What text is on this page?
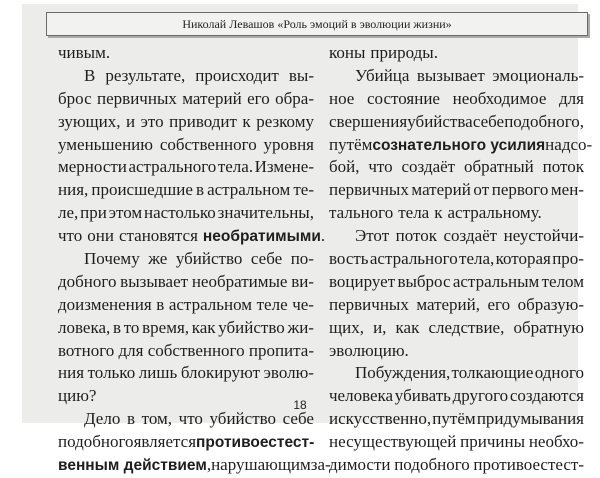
Николай Левашов «Роль эмоций в эволюции жизни»
чивым.
В результате, происходит вы-
брос первичных материй его обра-
зующих, и это приводит к резкому
уменьшению собственного уровня
мерности астрального тела. Измене-
ния, происшедшие в астральном те-
ле, при этом настолько значительны,
что они становятся необратимыми.
Почему же убийство себе по-
добного вызывает необратимые ви-
доизменения в астральном теле че-
ловека, в то время, как убийство жи-
вотного для собственного пропита-
ния только лишь блокируют эволю-
цию?
Дело в том, что убийство себе
подобного является противоестест-
венным действием, нарушающим за-
коны природы.
Убийца вызывает эмоциональ-
ное состояние необходимое для
свершения убийства себе подобного,
путём сознательного усилия над со-
бой, что создаёт обратный поток
первичных материй от первого мен-
тального тела к астральному.
Этот поток создаёт неустойчи-
вость астрального тела, которая про-
воцирует выброс астральным телом
первичных материй, его образую-
щих, и, как следствие, обратную
эволюцию.
Побуждения, толкающие одного
человека убивать другого создаются
искусственно, путём придумывания
несуществующей причины необхо-
димости подобного противоестест-
18
